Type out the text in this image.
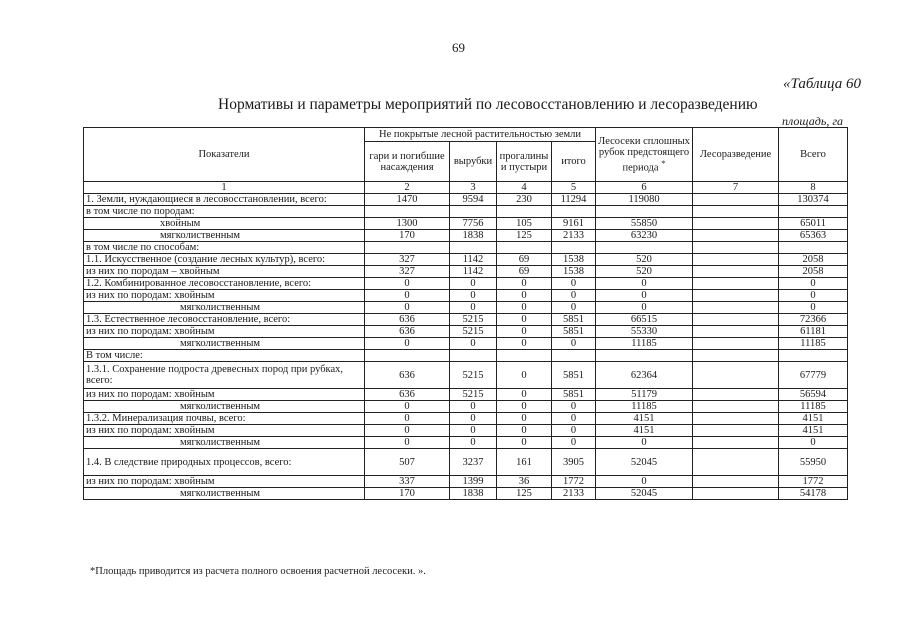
69
«Таблица 60
Нормативы и параметры мероприятий по лесовосстановлению и лесоразведению
площадь, га
Показатели	Не покрытые лесной растительностью земли				Лесосеки сплошных рубок предстоящего периода *	Лесоразведение	Всего
	гари и погибшие насаждения	вырубки	прогалины и пустыри	итого			
1	2	3	4	5	6	7	8
1. Земли, нуждающиеся в лесовосстановлении, всего:	1470	9594	230	11294	119080		130374
в том числе по породам:							
хвойным	1300	7756	105	9161	55850		65011
мягколиственным	170	1838	125	2133	63230		65363
в том числе по способам:							
1.1. Искусственное (создание лесных культур), всего:	327	1142	69	1538	520		2058
из них по породам – хвойным	327	1142	69	1538	520		2058
1.2. Комбинированное лесовосстановление, всего:	0	0	0	0	0		0
из них по породам: хвойным	0	0	0	0	0		0
мягколиственным	0	0	0	0	0		0
1.3. Естественное лесовосстановление, всего:	636	5215	0	5851	66515		72366
из них по породам: хвойным	636	5215	0	5851	55330		61181
мягколиственным	0	0	0	0	11185		11185
В том числе:							
1.3.1. Сохранение подроста древесных пород при рубках, всего:	636	5215	0	5851	62364		67779
из них по породам: хвойным	636	5215	0	5851	51179		56594
мягколиственным	0	0	0	0	11185		11185
1.3.2. Минерализация почвы, всего:	0	0	0	0	4151		4151
из них по породам: хвойным	0	0	0	0	4151		4151
мягколиственным	0	0	0	0	0		0
1.4. В следствие природных процессов, всего:	507	3237	161	3905	52045		55950
из них по породам: хвойным	337	1399	36	1772	0		1772
мягколиственным	170	1838	125	2133	52045		54178
*Площадь приводится из расчета полного освоения расчетной лесосеки. ».
